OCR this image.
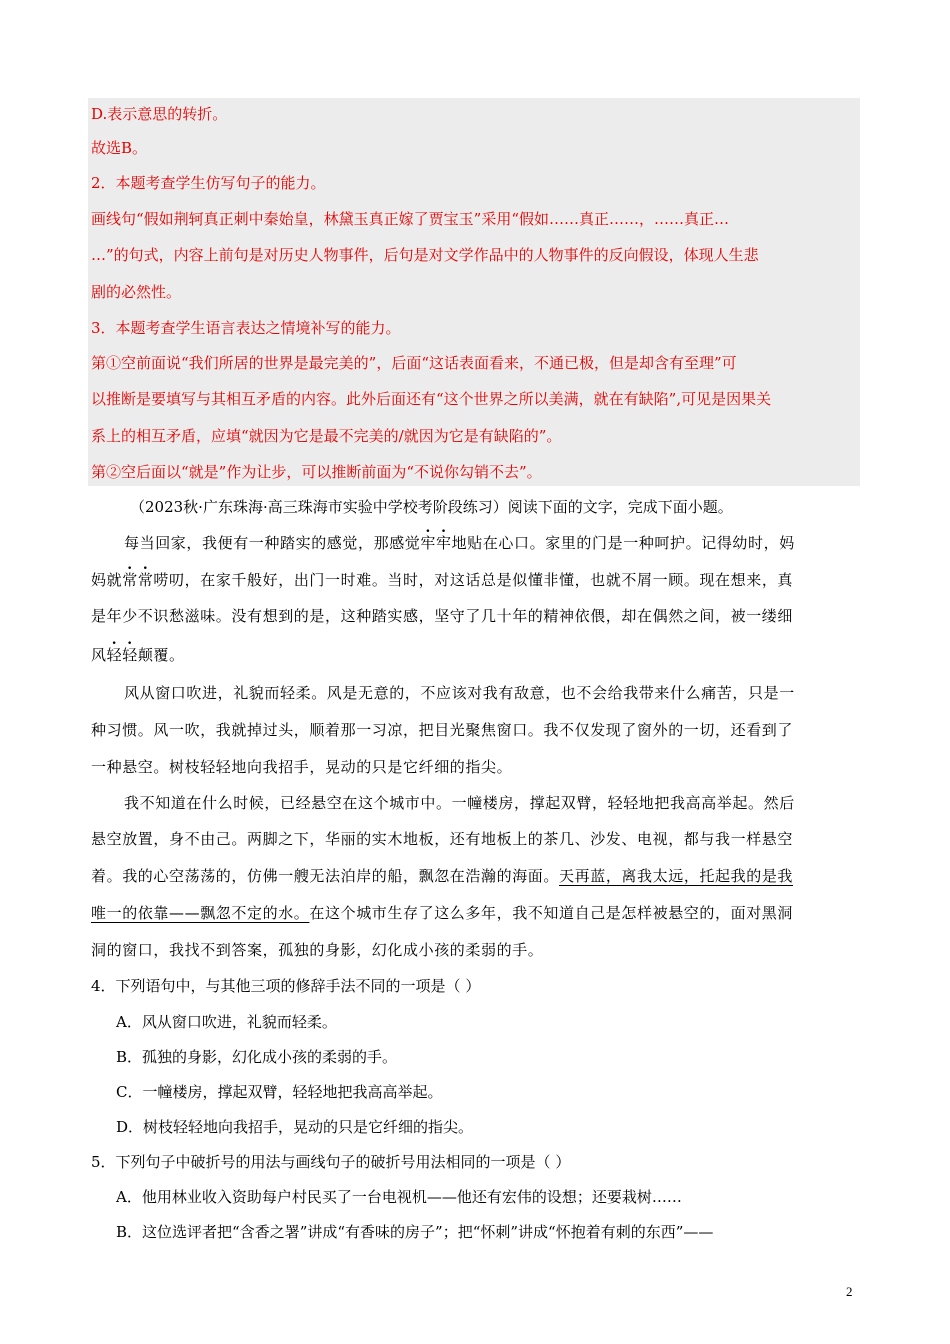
D.表示意思的转折。
故选B。
2．本题考查学生仿写句子的能力。
画线句“假如荆轲真正刺中秦始皇，林黛玉真正嫁了贾宝玉”采用“假如……真正……，……真正…
…”的句式，内容上前句是对历史人物事件，后句是对文学作品中的人物事件的反向假设，体现人生悲
剧的必然性。
3．本题考查学生语言表达之情境补写的能力。
第①空前面说“我们所居的世界是最完美的”，后面“这话表面看来，不通已极，但是却含有至理”可
以推断是要填写与其相互矛盾的内容。此外后面还有“这个世界之所以美满，就在有缺陷”,可见是因果关
系上的相互矛盾，应填“就因为它是最不完美的/就因为它是有缺陷的”。
第②空后面以“就是”作为让步，可以推断前面为“不说你勾销不去”。
（2023秋·广东珠海·高三珠海市实验中学校考阶段练习）阅读下面的文字，完成下面小题。
每当回家，我便有一种踏实的感觉，那感觉牢牢地贴在心口。家里的门是一种呵护。记得幼时，妈
妈就常常唠叨，在家千般好，出门一时难。当时，对这话总是似懂非懂，也就不屑一顾。现在想来，真
是年少不识愁滋味。没有想到的是，这种踏实感，坚守了几十年的精神依偎，却在偶然之间，被一缕细
风轻轻颠覆。
风从窗口吹进，礼貌而轻柔。风是无意的，不应该对我有敌意，也不会给我带来什么痛苦，只是一
种习惯。风一吹，我就掉过头，顺着那一习凉，把目光聚焦窗口。我不仅发现了窗外的一切，还看到了
一种悬空。树枝轻轻地向我招手，晃动的只是它纤细的指尖。
我不知道在什么时候，已经悬空在这个城市中。一幢楼房，撑起双臂，轻轻地把我高高举起。然后
悬空放置，身不由己。两脚之下，华丽的实木地板，还有地板上的茶几、沙发、电视，都与我一样悬空
着。我的心空荡荡的，仿佛一艘无法泊岸的船，飘忽在浩瀚的海面。天再蓝，离我太远，托起我的是我
唯一的依靠——飘忽不定的水。在这个城市生存了这么多年，我不知道自己是怎样被悬空的，面对黑洞
洞的窗口，我找不到答案，孤独的身影，幻化成小孩的柔弱的手。
4．下列语句中，与其他三项的修辞手法不同的一项是（ ）
A．风从窗口吹进，礼貌而轻柔。
B．孤独的身影，幻化成小孩的柔弱的手。
C．一幢楼房，撑起双臂，轻轻地把我高高举起。
D．树枝轻轻地向我招手，晃动的只是它纤细的指尖。
5．下列句子中破折号的用法与画线句子的破折号用法相同的一项是（ ）
A．他用林业收入资助每户村民买了一台电视机——他还有宏伟的设想；还要栽树……
B．这位选评者把“含香之署”讲成“有香味的房子”；把“怀刺”讲成“怀抱着有刺的东西”——
2
